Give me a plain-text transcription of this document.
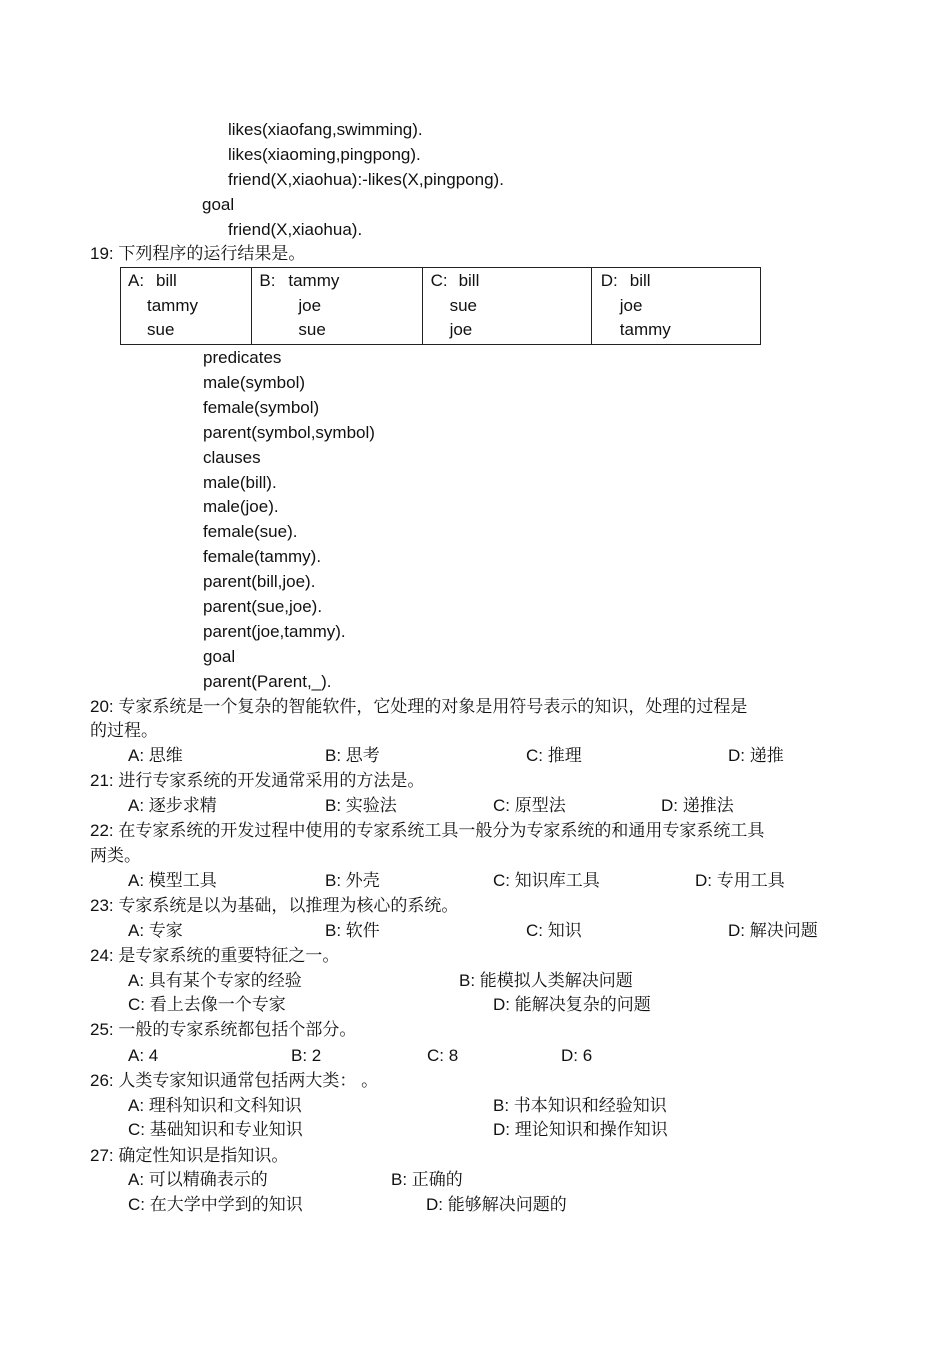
likes(xiaofang,swimming).
likes(xiaoming,pingpong).
friend(X,xiaohua):-likes(X,pingpong).
goal
friend(X,xiaohua).
19: 下列程序的运行结果是。
A: bill
tammy
sue

B: tammy
joe
sue

C: bill
sue
joe

D: bill
joe
tammy
predicates
male(symbol)
female(symbol)
parent(symbol,symbol)
clauses
male(bill).
male(joe).
female(sue).
female(tammy).
parent(bill,joe).
parent(sue,joe).
parent(joe,tammy).
goal
parent(Parent,_).
20: 专家系统是一个复杂的智能软件，它处理的对象是用符号表示的知识，处理的过程是
的过程。
A: 思维	B: 思考	C: 推理	D: 递推
21: 进行专家系统的开发通常采用的方法是。
A: 逐步求精	B: 实验法	C: 原型法	D: 递推法
22: 在专家系统的开发过程中使用的专家系统工具一般分为专家系统的和通用专家系统工具
两类。
A: 模型工具	B: 外壳	C: 知识库工具	D: 专用工具
23: 专家系统是以为基础，以推理为核心的系统。
A: 专家	B: 软件	C: 知识	D: 解决问题
24: 是专家系统的重要特征之一。
A: 具有某个专家的经验	B: 能模拟人类解决问题
C: 看上去像一个专家	D: 能解决复杂的问题
25: 一般的专家系统都包括个部分。
A: 4	B: 2	C: 8	D: 6
26: 人类专家知识通常包括两大类： 。
A: 理科知识和文科知识	B: 书本知识和经验知识
C: 基础知识和专业知识	D: 理论知识和操作知识
27: 确定性知识是指知识。
A: 可以精确表示的	B: 正确的
C: 在大学中学到的知识	D: 能够解决问题的
